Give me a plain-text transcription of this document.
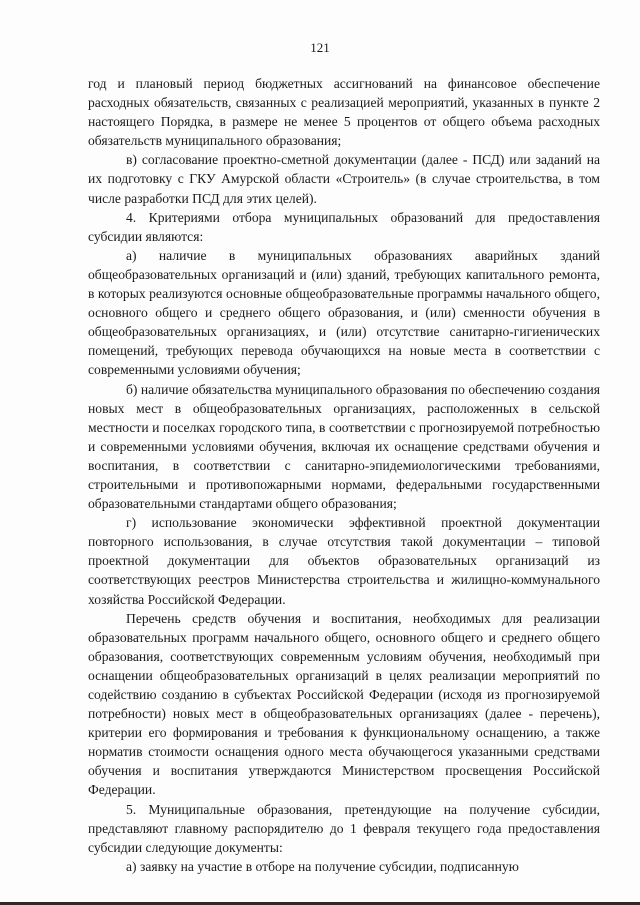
121

год и плановый период бюджетных ассигнований на финансовое обеспечение расходных обязательств, связанных с реализацией мероприятий, указанных в пункте 2 настоящего Порядка, в размере не менее 5 процентов от общего объема расходных обязательств муниципального образования;

в) согласование проектно-сметной документации (далее - ПСД) или заданий на их подготовку с ГКУ Амурской области «Строитель» (в случае строительства, в том числе разработки ПСД для этих целей).

4. Критериями отбора муниципальных образований для предоставления субсидии являются:

а) наличие в муниципальных образованиях аварийных зданий общеобразовательных организаций и (или) зданий, требующих капитального ремонта, в которых реализуются основные общеобразовательные программы начального общего, основного общего и среднего общего образования, и (или) сменности обучения в общеобразовательных организациях, и (или) отсутствие санитарно-гигиенических помещений, требующих перевода обучающихся на новые места в соответствии с современными условиями обучения;

б) наличие обязательства муниципального образования по обеспечению создания новых мест в общеобразовательных организациях, расположенных в сельской местности и поселках городского типа, в соответствии с прогнозируемой потребностью и современными условиями обучения, включая их оснащение средствами обучения и воспитания, в соответствии с санитарно-эпидемиологическими требованиями, строительными и противопожарными нормами, федеральными государственными образовательными стандартами общего образования;

г) использование экономически эффективной проектной документации повторного использования, в случае отсутствия такой документации – типовой проектной документации для объектов образовательных организаций из соответствующих реестров Министерства строительства и жилищно-коммунального хозяйства Российской Федерации.

Перечень средств обучения и воспитания, необходимых для реализации образовательных программ начального общего, основного общего и среднего общего образования, соответствующих современным условиям обучения, необходимый при оснащении общеобразовательных организаций в целях реализации мероприятий по содействию созданию в субъектах Российской Федерации (исходя из прогнозируемой потребности) новых мест в общеобразовательных организациях (далее - перечень), критерии его формирования и требования к функциональному оснащению, а также норматив стоимости оснащения одного места обучающегося указанными средствами обучения и воспитания утверждаются Министерством просвещения Российской Федерации.

5. Муниципальные образования, претендующие на получение субсидии, представляют главному распорядителю до 1 февраля текущего года предоставления субсидии следующие документы:

а) заявку на участие в отборе на получение субсидии, подписанную
